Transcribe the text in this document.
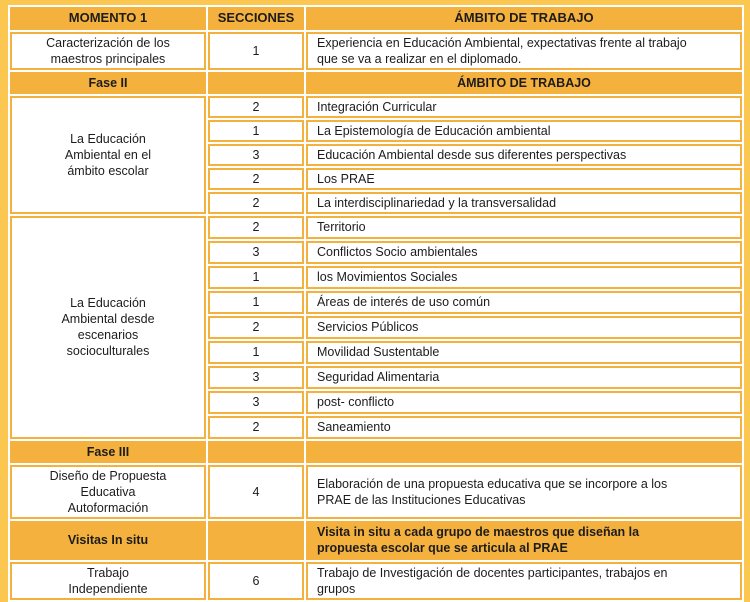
MOMENTO 1	SECCIONES	ÁMBITO DE TRABAJO
Caracterización de los maestros principales	1	Experiencia en Educación Ambiental, expectativas frente al trabajo que se va a realizar en el diplomado.
Fase II		ÁMBITO DE TRABAJO
La Educación Ambiental en el ámbito escolar	2	Integración Curricular
	1	La Epistemología de Educación ambiental
	3	Educación Ambiental desde sus diferentes perspectivas
	2	Los PRAE
	2	La interdisciplinariedad y la transversalidad
La Educación Ambiental desde escenarios socioculturales	2	Territorio
	3	Conflictos Socio ambientales
	1	los Movimientos Sociales
	1	Áreas de interés de uso común
	2	Servicios Públicos
	1	Movilidad Sustentable
	3	Seguridad Alimentaria
	3	post- conflicto
	2	Saneamiento
Fase III		
Diseño de Propuesta Educativa Autoformación	4	Elaboración de una propuesta educativa que se incorpore a los PRAE de las Instituciones Educativas
Visitas In situ		Visita in situ a cada grupo de maestros que diseñan la propuesta escolar que se articula al PRAE
Trabajo Independiente	6	Trabajo de Investigación de docentes participantes, trabajos en grupos
